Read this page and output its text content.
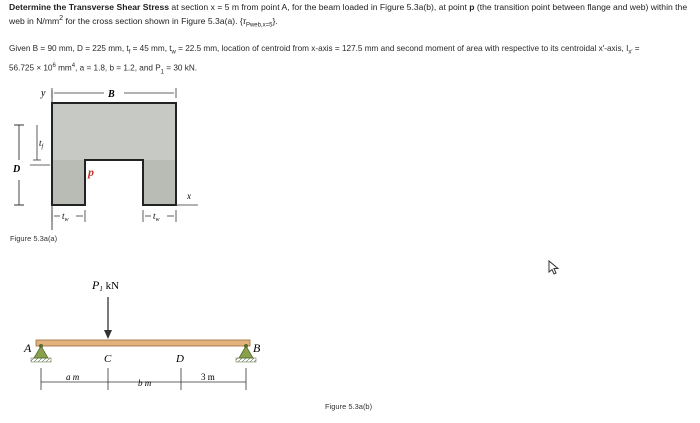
Determine the Transverse Shear Stress at section x = 5 m from point A, for the beam loaded in Figure 5.3a(b), at point p (the transition point between flange and web) within the web in $N/mm^2$ for the cross section shown in Figure 5.3a(a). $\{\tau_{Pweb,x=5}\}$.
Given B = 90 mm, D = 225 mm, $t_f = 45$ mm, $t_w = 22.5$ mm, location of centroid from x-axis = 127.5 mm and second moment of area with respective to its centroidal x′-axis, $I_{x'}$ =
$56.725 \times 10^6$ $mm^4$, a = 1.8, b = 1.2, and $P_1 = 30$ kN.
y	B
D
$t_f$
p
x
$t_w$	$t_w$
P1 kN
A	B
C	D
a m
b m
3 m
Figure 5.3a(a)
Figure 5.3a(b)
